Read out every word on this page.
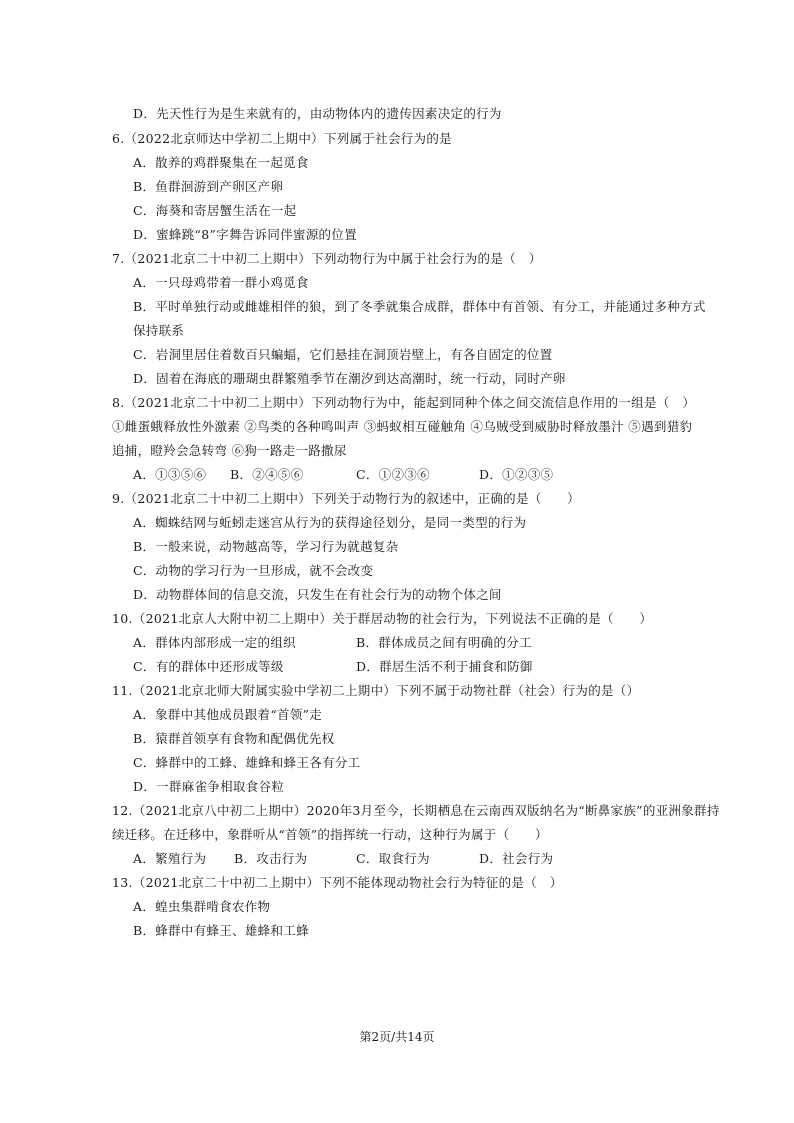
D．先天性行为是生来就有的，由动物体内的遗传因素决定的行为
6.（2022北京师达中学初二上期中）下列属于社会行为的是
A．散养的鸡群聚集在一起觅食
B．鱼群洄游到产卵区产卵
C．海葵和寄居蟹生活在一起
D．蜜蜂跳“8”字舞告诉同伴蜜源的位置
7.（2021北京二十中初二上期中）下列动物行为中属于社会行为的是（　）
A．一只母鸡带着一群小鸡觅食
B．平时单独行动或雌雄相伴的狼，到了冬季就集合成群，群体中有首领、有分工，并能通过多种方式
保持联系
C．岩洞里居住着数百只蝙蝠，它们悬挂在洞顶岩壁上，有各自固定的位置
D．固着在海底的珊瑚虫群繁殖季节在潮汐到达高潮时，统一行动，同时产卵
8.（2021北京二十中初二上期中）下列动物行为中，能起到同种个体之间交流信息作用的一组是（　）
①雌蛋蛾释放性外激素 ②鸟类的各种鸣叫声 ③蚂蚁相互碰触角 ④乌贼受到威胁时释放墨汁 ⑤遇到猎豹
追捕，瞪羚会急转弯 ⑥狗一路走一路撒尿
A．①③⑤⑥ B．②④⑤⑥	C．①②③⑥	D．①②③⑤
9.（2021北京二十中初二上期中）下列关于动物行为的叙述中，正确的是（　　）
A．蜘蛛结网与蚯蚓走迷宫从行为的获得途径划分，是同一类型的行为
B．一般来说，动物越高等，学习行为就越复杂
C．动物的学习行为一旦形成，就不会改变
D．动物群体间的信息交流，只发生在有社会行为的动物个体之间
10.（2021北京人大附中初二上期中）关于群居动物的社会行为，下列说法不正确的是（　　）
A．群体内部形成一定的组织	B．群体成员之间有明确的分工
C．有的群体中还形成等级	D．群居生活不利于捕食和防御
11.（2021北京北师大附属实验中学初二上期中）下列不属于动物社群（社会）行为的是（）
A．象群中其他成员跟着“首领”走
B．猿群首领享有食物和配偶优先权
C．蜂群中的工蜂、雄蜂和蜂王各有分工
D．一群麻雀争相取食谷粒
12.（2021北京八中初二上期中）2020年3月至今，长期栖息在云南西双版纳名为“断鼻家族”的亚洲象群持
续迁移。在迁移中，象群听从“首领”的指挥统一行动，这种行为属于（　　）
A．繁殖行为 B．攻击行为	C．取食行为	D．社会行为
13.（2021北京二十中初二上期中）下列不能体现动物社会行为特征的是（　）
A．蝗虫集群啃食农作物
B．蜂群中有蜂王、雄蜂和工蜂
第2页/共14页
